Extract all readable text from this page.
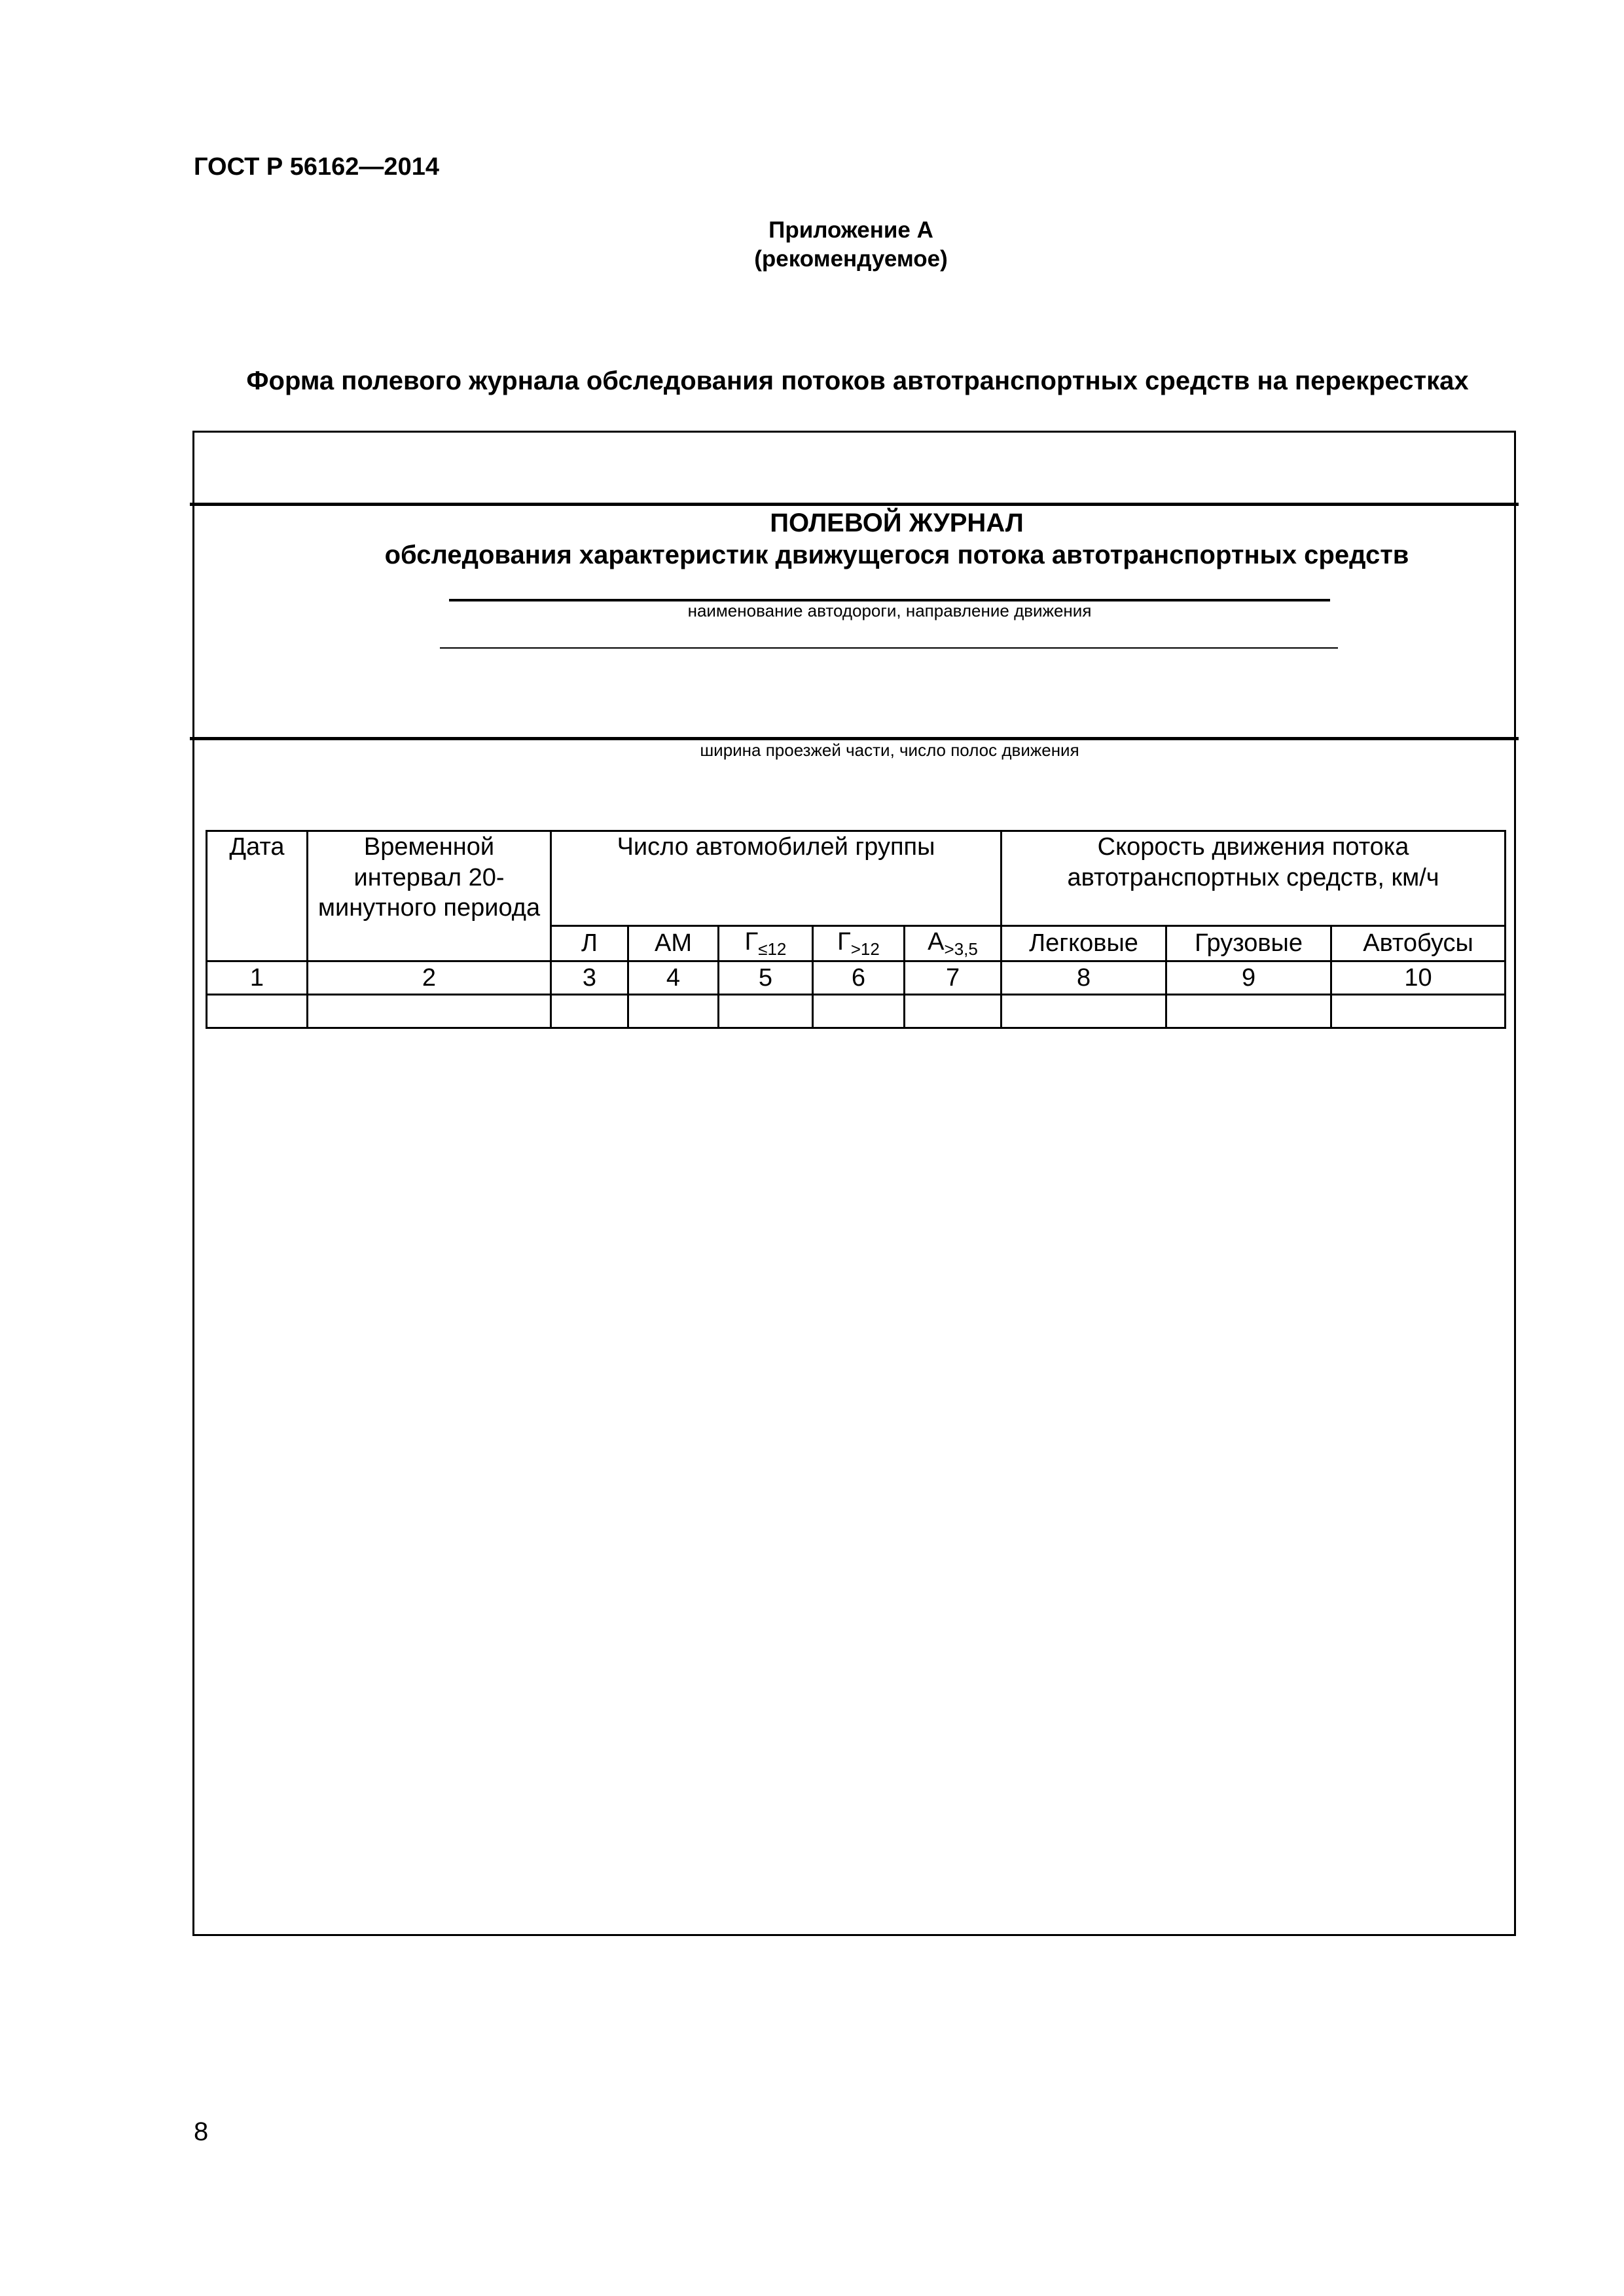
ГОСТ Р 56162—2014
Приложение А
(рекомендуемое)
Форма полевого журнала обследования потоков автотранспортных средств на перекрестках
ПОЛЕВОЙ ЖУРНАЛ
обследования характеристик движущегося потока автотранспортных средств
наименование автодороги, направление движения
ширина проезжей части, число полос движения
Дата	Временной интервал 20-минутного периода	Число автомобилей группы					Скорость движения потока автотранспортных средств, км/ч		
		Л	АМ	$Г_{\le 12}$	$Г_{>12}$	$А_{>3,5}$	Легковые	Грузовые	Автобусы
1	2	3	4	5	6	7	8	9	10

8
